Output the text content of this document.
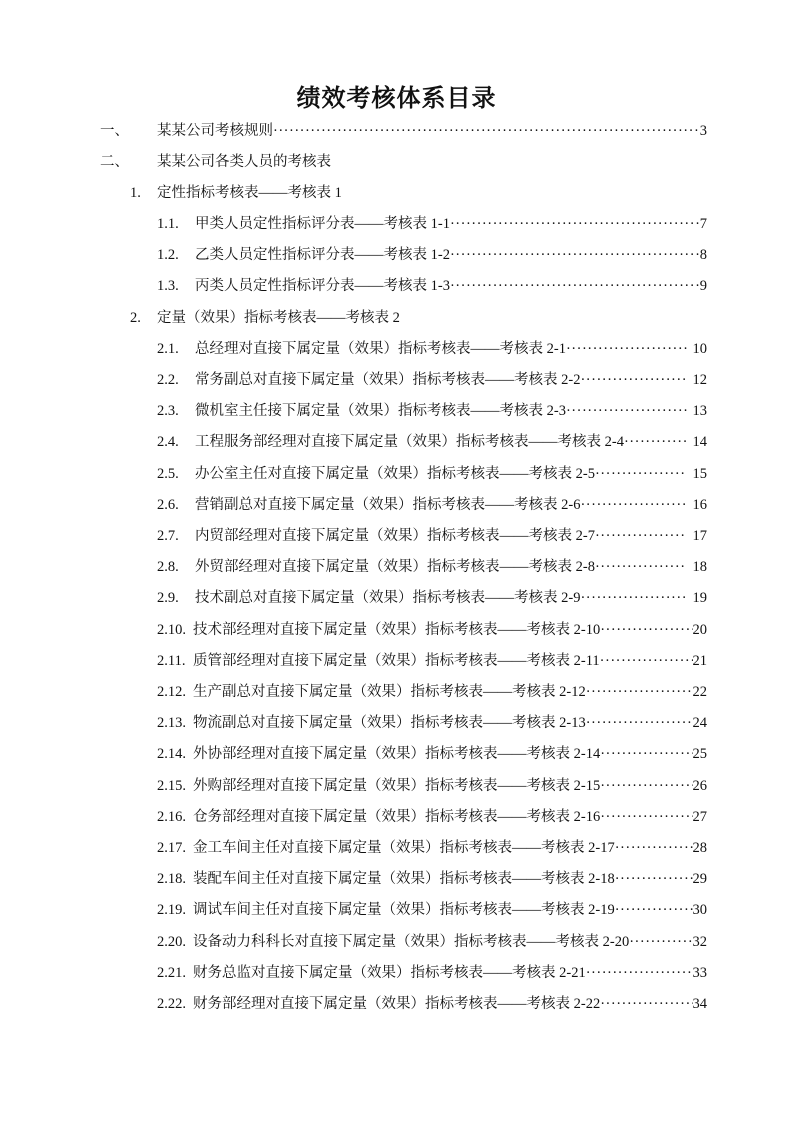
绩效考核体系目录
一、 某某公司考核规则 ·····	3
二、 某某公司各类人员的考核表
1. 定性指标考核表——考核表 1
1.1. 甲类人员定性指标评分表——考核表 1-1 ·····	7
1.2. 乙类人员定性指标评分表——考核表 1-2 ·····	8
1.3. 丙类人员定性指标评分表——考核表 1-3 ·····	9
2. 定量（效果）指标考核表——考核表 2
2.1. 总经理对直接下属定量（效果）指标考核表——考核表 2-1 ·····	10
2.2. 常务副总对直接下属定量（效果）指标考核表——考核表 2-2 ·····	12
2.3. 微机室主任接下属定量（效果）指标考核表——考核表 2-3 ·····	13
2.4. 工程服务部经理对直接下属定量（效果）指标考核表——考核表 2-4 ·····	14
2.5. 办公室主任对直接下属定量（效果）指标考核表——考核表 2-5 ·····	15
2.6. 营销副总对直接下属定量（效果）指标考核表——考核表 2-6 ·····	16
2.7. 内贸部经理对直接下属定量（效果）指标考核表——考核表 2-7 ·····	17
2.8. 外贸部经理对直接下属定量（效果）指标考核表——考核表 2-8 ·····	18
2.9. 技术副总对直接下属定量（效果）指标考核表——考核表 2-9 ·····	19
2.10. 技术部经理对直接下属定量（效果）指标考核表——考核表 2-10 ·····	20
2.11. 质管部经理对直接下属定量（效果）指标考核表——考核表 2-11 ·····	21
2.12. 生产副总对直接下属定量（效果）指标考核表——考核表 2-12 ·····	22
2.13. 物流副总对直接下属定量（效果）指标考核表——考核表 2-13 ·····	24
2.14. 外协部经理对直接下属定量（效果）指标考核表——考核表 2-14 ·····	25
2.15. 外购部经理对直接下属定量（效果）指标考核表——考核表 2-15 ·····	26
2.16. 仓务部经理对直接下属定量（效果）指标考核表——考核表 2-16 ·····	27
2.17. 金工车间主任对直接下属定量（效果）指标考核表——考核表 2-17 ·····	28
2.18. 装配车间主任对直接下属定量（效果）指标考核表——考核表 2-18 ·····	29
2.19. 调试车间主任对直接下属定量（效果）指标考核表——考核表 2-19 ·····	30
2.20. 设备动力科科长对直接下属定量（效果）指标考核表——考核表 2-20 ·····	32
2.21. 财务总监对直接下属定量（效果）指标考核表——考核表 2-21 ·····	33
2.22. 财务部经理对直接下属定量（效果）指标考核表——考核表 2-22 ·····	34
